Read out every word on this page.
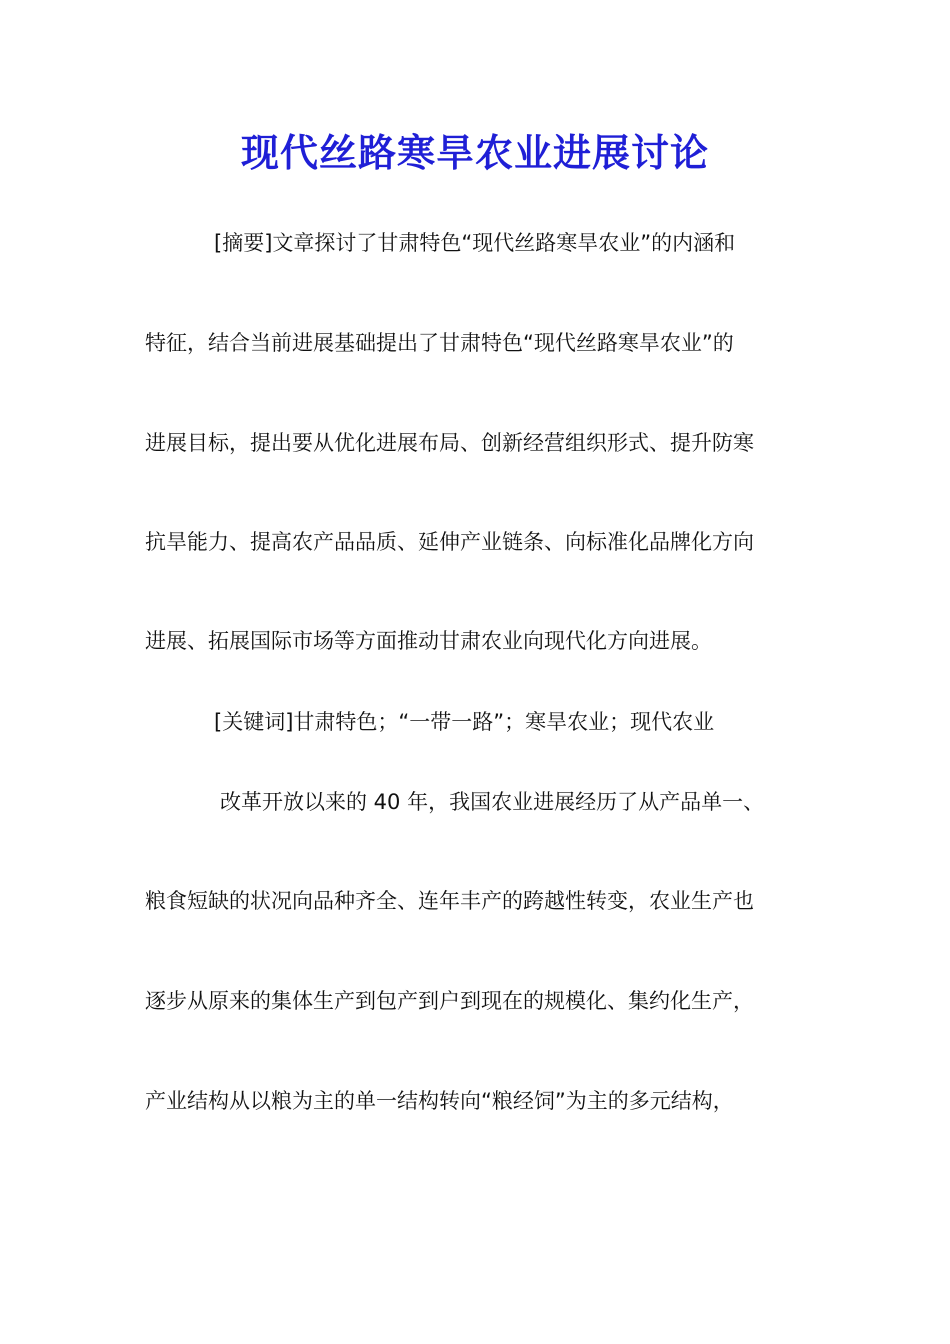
现代丝路寒旱农业进展讨论
[摘要]文章探讨了甘肃特色“现代丝路寒旱农业”的内涵和
特征，结合当前进展基础提出了甘肃特色“现代丝路寒旱农业”的
进展目标，提出要从优化进展布局、创新经营组织形式、提升防寒
抗旱能力、提高农产品品质、延伸产业链条、向标准化品牌化方向
进展、拓展国际市场等方面推动甘肃农业向现代化方向进展。
[关键词]甘肃特色；“一带一路”；寒旱农业；现代农业
改革开放以来的 40 年，我国农业进展经历了从产品单一、
粮食短缺的状况向品种齐全、连年丰产的跨越性转变，农业生产也
逐步从原来的集体生产到包产到户到现在的规模化、集约化生产，
产业结构从以粮为主的单一结构转向“粮经饲”为主的多元结构，
